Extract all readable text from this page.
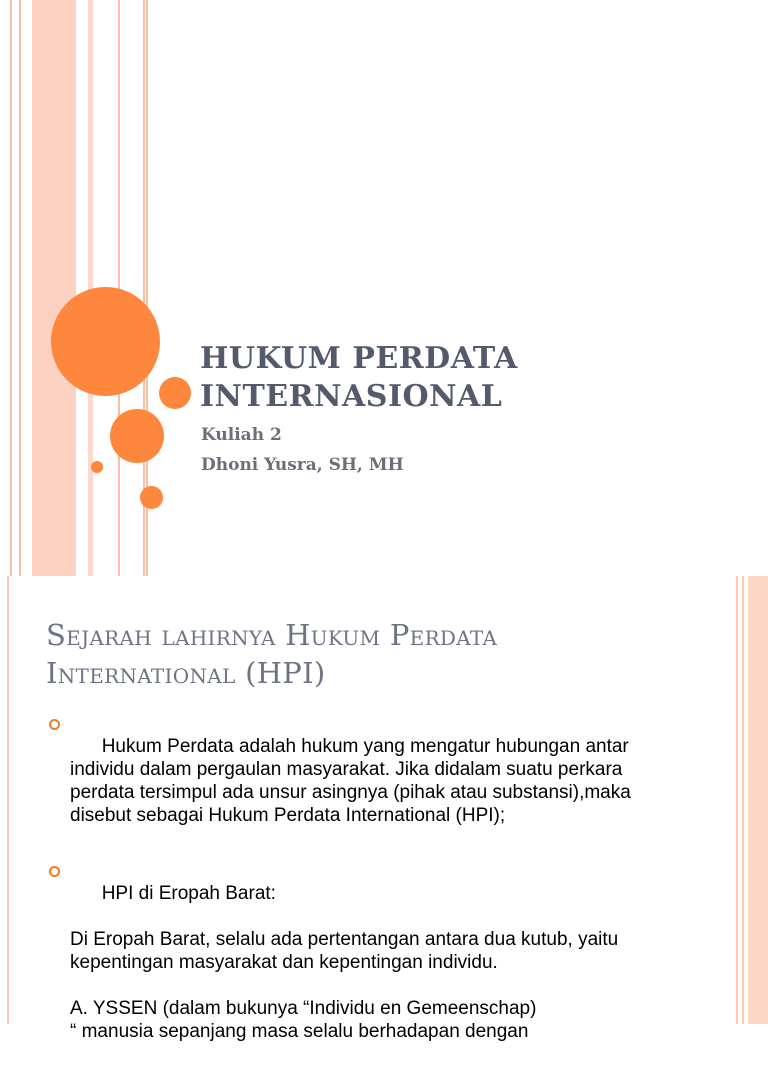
HUKUM PERDATA INTERNASIONAL

Kuliah 2

Dhoni Yusra, SH, MH

Sejarah lahirnya Hukum Perdata International (HPI)

Hukum Perdata adalah hukum yang mengatur hubungan antar individu dalam pergaulan masyarakat. Jika didalam suatu perkara perdata tersimpul ada unsur asingnya (pihak atau substansi),maka disebut sebagai Hukum Perdata International (HPI);

HPI di Eropah Barat:

Di Eropah Barat, selalu ada pertentangan antara dua kutub, yaitu kepentingan masyarakat dan kepentingan individu.

A. YSSEN (dalam bukunya “Individu en Gemeenschap)
“ manusia sepanjang masa selalu berhadapan dengan
